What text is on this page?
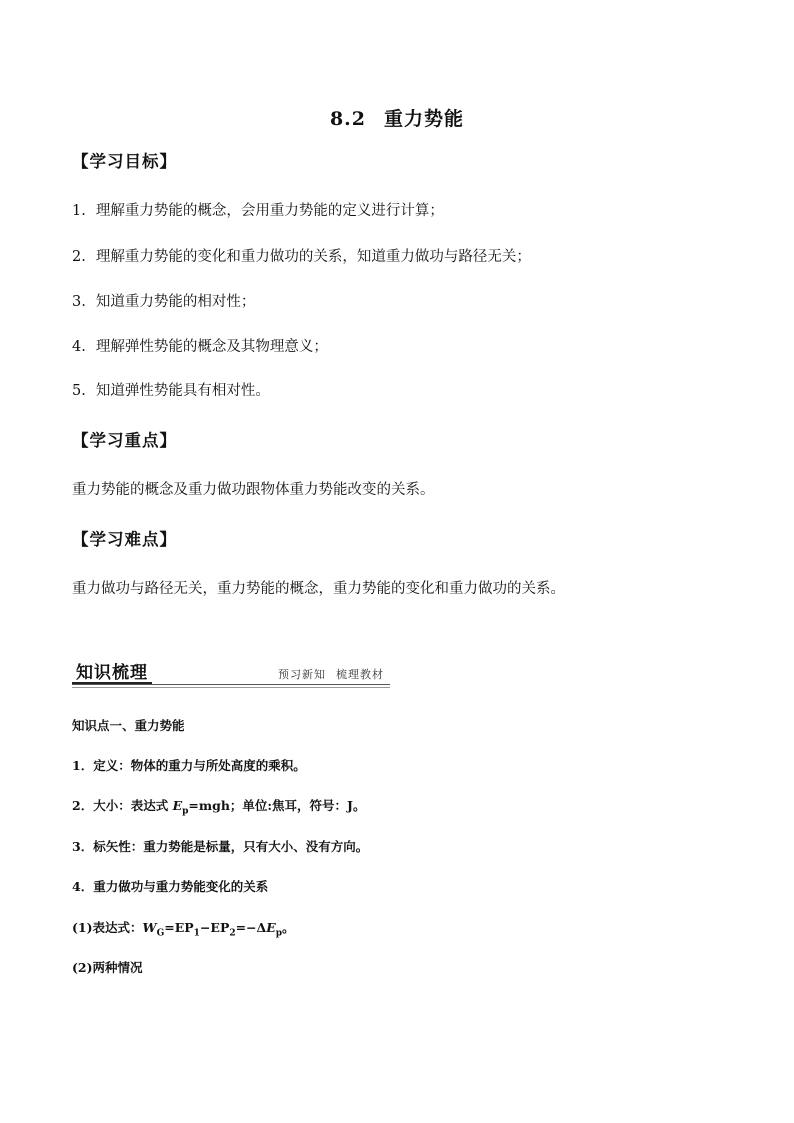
8.2 重力势能
【学习目标】
1. 理解重力势能的概念，会用重力势能的定义进行计算；
2. 理解重力势能的变化和重力做功的关系，知道重力做功与路径无关；
3. 知道重力势能的相对性；
4. 理解弹性势能的概念及其物理意义；
5. 知道弹性势能具有相对性。
【学习重点】
重力势能的概念及重力做功跟物体重力势能改变的关系。
【学习难点】
重力做功与路径无关，重力势能的概念，重力势能的变化和重力做功的关系。
知识梳理	预习新知 梳理教材
知识点一、重力势能
1．定义：物体的重力与所处高度的乘积。
2．大小：表达式 $E_p=mgh$；单位:焦耳，符号：J。
3．标矢性：重力势能是标量，只有大小、没有方向。
4．重力做功与重力势能变化的关系
(1)表达式：$W_G=EP_1-EP_2=-\Delta E_p$。
(2)两种情况
